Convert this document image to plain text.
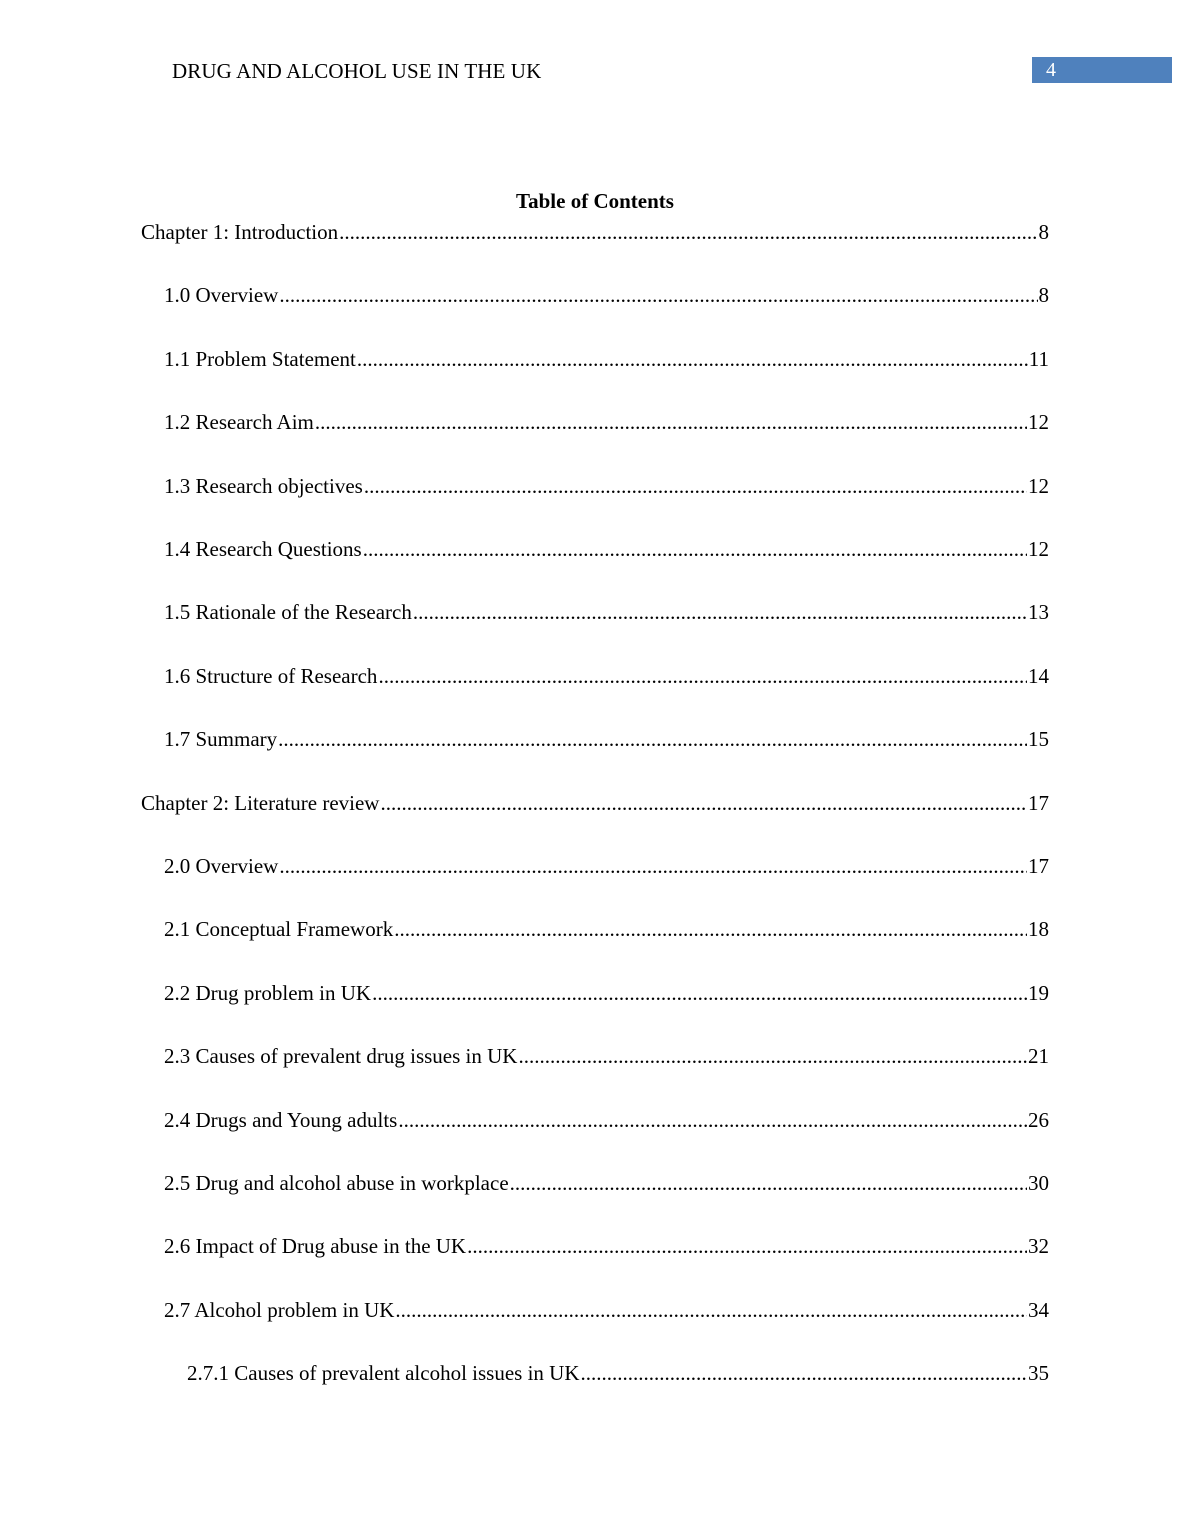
DRUG AND ALCOHOL USE IN THE UK	4
Table of Contents
Chapter 1: Introduction .....	8
1.0 Overview .....	8
1.1 Problem Statement .....	11
1.2 Research Aim .....	12
1.3 Research objectives .....	12
1.4 Research Questions .....	12
1.5 Rationale of the Research .....	13
1.6 Structure of Research .....	14
1.7 Summary .....	15
Chapter 2: Literature review .....	17
2.0 Overview .....	17
2.1 Conceptual Framework .....	18
2.2 Drug problem in UK .....	19
2.3 Causes of prevalent drug issues in UK .....	21
2.4 Drugs and Young adults .....	26
2.5 Drug and alcohol abuse in workplace .....	30
2.6 Impact of Drug abuse in the UK .....	32
2.7 Alcohol problem in UK .....	34
2.7.1 Causes of prevalent alcohol issues in UK .....	35
